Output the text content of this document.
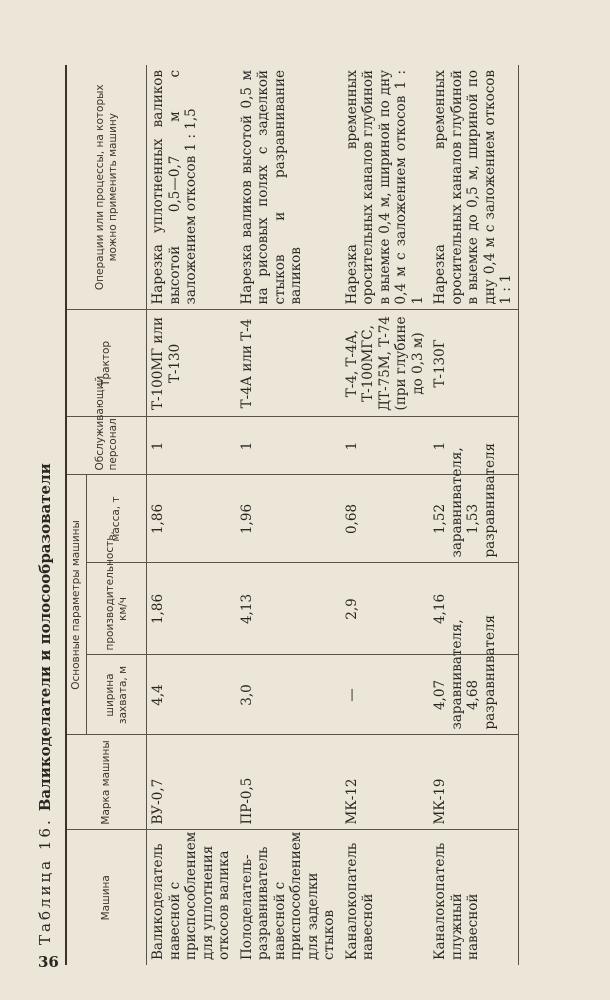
36
Таблица 16.Валикоделатели и полосообразователи
Машина	Марка машины	Основные параметры машины			Обслуживающий персонал	Трактор	Операции или процессы, на которых можно применить машину
		ширина захвата, м	производительность, км/ч	масса, т			
Валикоделатель навесной с приспособлением для уплотнения откосов валика	ВУ-0,7	4,4	1,86	1,86	1	Т-100МГ или Т-130	Нарезка уплотненных валиков высотой 0,5—0,7 м с заложением откосов 1 : 1,5
Полоделатель-разравниватель навесной с приспособлением для заделки стыков	ПР-0,5	3,0	4,13	1,96	1	Т-4А или Т-4	Нарезка валиков высотой 0,5 м на рисовых полях с заделкой стыков и разравнивание валиков
Каналокопатель навесной	МК-12	—	2,9	0,68	1	Т-4, Т-4А, Т-100МГС, ДТ-75М, Т-74 (при глубине до 0,3 м)	Нарезка временных оросительных каналов глубиной в выемке 0,4 м, шириной по дну 0,4 м с заложением откосов 1 : 1
Каналокопатель плужный навесной	МК-19	4,07 заравнивателя, 4,68 разравнивателя	4,16	1,52 заравнивателя, 1,53 разравнивателя	1	Т-130Г	Нарезка временных оросительных каналов глубиной в выемке до 0,5 м, шириной по дну 0,4 м с заложением откосов 1 : 1
